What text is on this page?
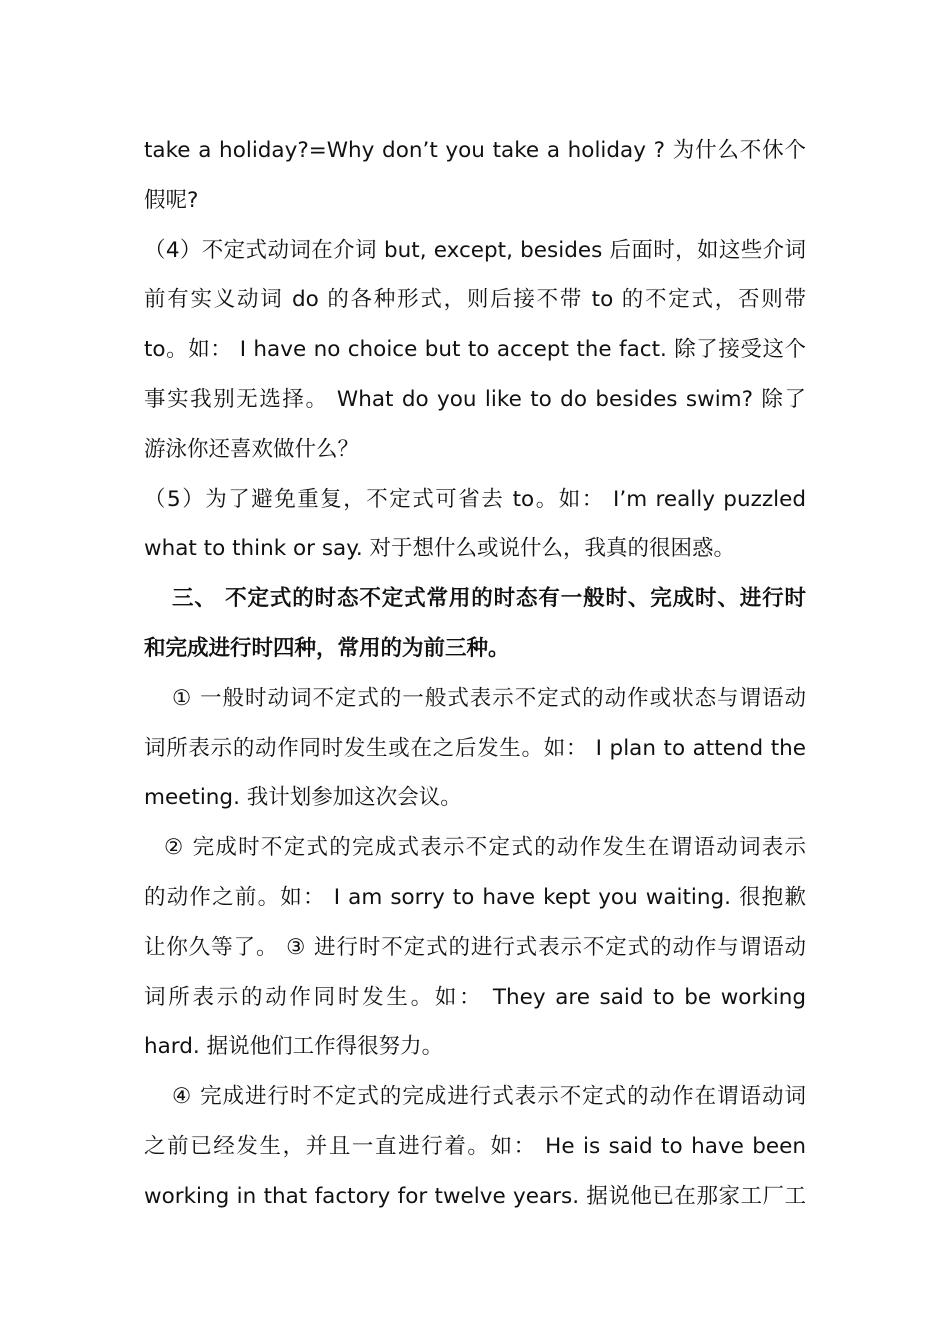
take a holiday?=Why don’t you take a holiday ? 为什么不休个

假呢?

（4）不定式动词在介词 but, except, besides 后面时，如这些介词

前有实义动词 do 的各种形式，则后接不带 to 的不定式，否则带

to。如： I have no choice but to accept the fact. 除了接受这个

事实我别无选择。 What do you like to do besides swim? 除了

游泳你还喜欢做什么？

（5）为了避免重复，不定式可省去 to。如： I’m really puzzled

what to think or say. 对于想什么或说什么，我真的很困惑。

三、 不定式的时态不定式常用的时态有一般时、完成时、进行时

和完成进行时四种，常用的为前三种。

① 一般时动词不定式的一般式表示不定式的动作或状态与谓语动

词所表示的动作同时发生或在之后发生。如： I plan to attend the

meeting. 我计划参加这次会议。

② 完成时不定式的完成式表示不定式的动作发生在谓语动词表示

的动作之前。如： I am sorry to have kept you waiting. 很抱歉

让你久等了。 ③ 进行时不定式的进行式表示不定式的动作与谓语动

词所表示的动作同时发生。如： They are said to be working

hard. 据说他们工作得很努力。

④ 完成进行时不定式的完成进行式表示不定式的动作在谓语动词

之前已经发生，并且一直进行着。如： He is said to have been

working in that factory for twelve years. 据说他已在那家工厂工
